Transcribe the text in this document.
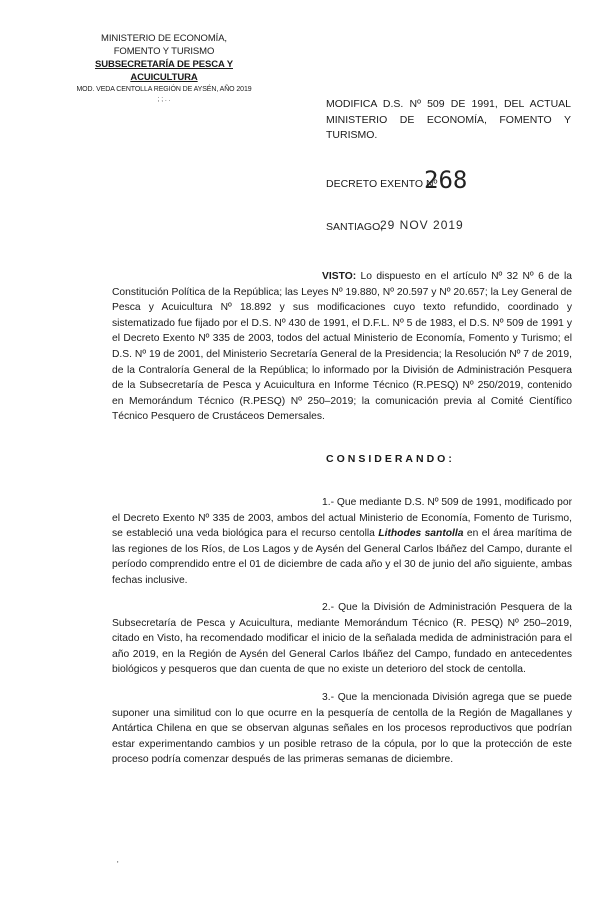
MINISTERIO DE ECONOMÍA,
FOMENTO Y TURISMO
SUBSECRETARÍA DE PESCA Y ACUICULTURA
MOD. VEDA CENTOLLA REGIÓN DE AYSÉN, AÑO 2019
; ; . .	MODIFICA D.S. Nº 509 DE 1991, DEL ACTUAL MINISTERIO DE ECONOMÍA, FOMENTO Y TURISMO.
DECRETO EXENTO Nº
268
SANTIAGO,
29 NOV 2019
VISTO: Lo dispuesto en el artículo Nº 32 Nº 6 de la Constitución Política de la República; las Leyes Nº 19.880, Nº 20.597 y Nº 20.657; la Ley General de Pesca y Acuicultura Nº 18.892 y sus modificaciones cuyo texto refundido, coordinado y sistematizado fue fijado por el D.S. Nº 430 de 1991, el D.F.L. Nº 5 de 1983, el D.S. Nº 509 de 1991 y el Decreto Exento Nº 335 de 2003, todos del actual Ministerio de Economía, Fomento y Turismo; el D.S. Nº 19 de 2001, del Ministerio Secretaría General de la Presidencia; la Resolución Nº 7 de 2019, de la Contraloría General de la República; lo informado por la División de Administración Pesquera de la Subsecretaría de Pesca y Acuicultura en Informe Técnico (R.PESQ) Nº 250/2019, contenido en Memorándum Técnico (R.PESQ) Nº 250–2019; la comunicación previa al Comité Científico Técnico Pesquero de Crustáceos Demersales.
CONSIDERANDO:
1.- Que mediante D.S. Nº 509 de 1991, modificado por el Decreto Exento Nº 335 de 2003, ambos del actual Ministerio de Economía, Fomento de Turismo, se estableció una veda biológica para el recurso centolla Lithodes santolla en el área marítima de las regiones de los Ríos, de Los Lagos y de Aysén del General Carlos Ibáñez del Campo, durante el período comprendido entre el 01 de diciembre de cada año y el 30 de junio del año siguiente, ambas fechas inclusive.
2.- Que la División de Administración Pesquera de la Subsecretaría de Pesca y Acuicultura, mediante Memorándum Técnico (R. PESQ) Nº 250–2019, citado en Visto, ha recomendado modificar el inicio de la señalada medida de administración para el año 2019, en la Región de Aysén del General Carlos Ibáñez del Campo, fundado en antecedentes biológicos y pesqueros que dan cuenta de que no existe un deterioro del stock de centolla.
3.- Que la mencionada División agrega que se puede suponer una similitud con lo que ocurre en la pesquería de centolla de la Región de Magallanes y Antártica Chilena en que se observan algunas señales en los procesos reproductivos que podrían estar experimentando cambios y un posible retraso de la cópula, por lo que la protección de este proceso podría comenzar después de las primeras semanas de diciembre.
'
